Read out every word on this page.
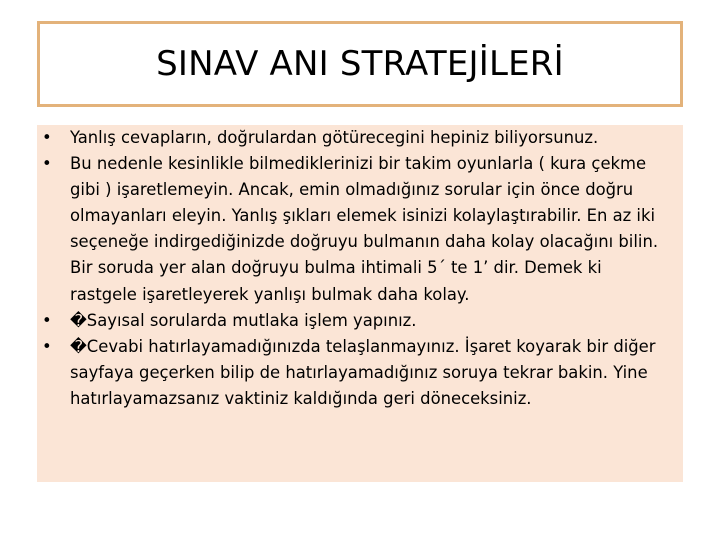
SINAV ANI STRATEJİLERİ
• Yanlış cevapların, doğrulardan götürecegini hepiniz biliyorsunuz.
• Bu nedenle kesinlikle bilmediklerinizi bir takim oyunlarla ( kura çekme gibi ) işaretlemeyin. Ancak, emin olmadığınız sorular için önce doğru olmayanları eleyin. Yanlış şıkları elemek isinizi kolaylaştırabilir. En az iki seçeneğe indirgediğinizde doğruyu bulmanın daha kolay olacağını bilin. Bir soruda yer alan doğruyu bulma ihtimali 5´ te 1’ dir. Demek ki rastgele işaretleyerek yanlışı bulmak daha kolay.
• �Sayısal sorularda mutlaka işlem yapınız.
• �Cevabi hatırlayamadığınızda telaşlanmayınız. İşaret koyarak bir diğer sayfaya geçerken bilip de hatırlayamadığınız soruya tekrar bakin. Yine hatırlayamazsanız vaktiniz kaldığında geri döneceksiniz.
